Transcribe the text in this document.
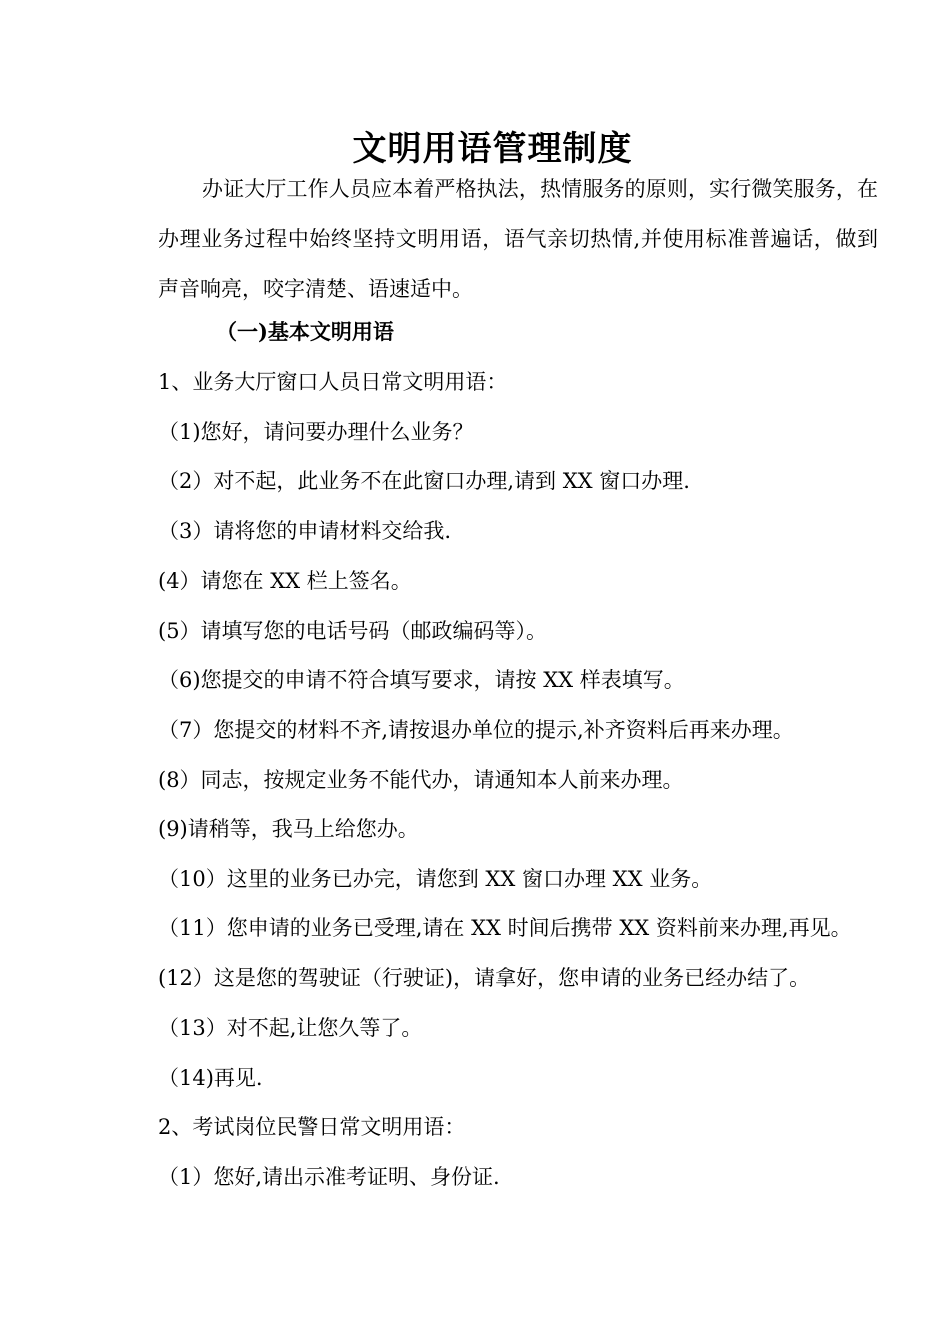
文明用语管理制度

办证大厅工作人员应本着严格执法，热情服务的原则，实行微笑服务，在办理业务过程中始终坚持文明用语，语气亲切热情,并使用标准普遍话，做到声音响亮，咬字清楚、语速适中。

（一)基本文明用语

1、业务大厅窗口人员日常文明用语：

（1)您好，请问要办理什么业务？

（2）对不起，此业务不在此窗口办理,请到 XX 窗口办理.

（3）请将您的申请材料交给我.

(4）请您在 XX 栏上签名。

(5）请填写您的电话号码（邮政编码等）。

（6)您提交的申请不符合填写要求，请按 XX 样表填写。

（7）您提交的材料不齐,请按退办单位的提示,补齐资料后再来办理。

(8）同志，按规定业务不能代办，请通知本人前来办理。

(9)请稍等，我马上给您办。

（10）这里的业务已办完，请您到 XX 窗口办理 XX 业务。

（11）您申请的业务已受理,请在 XX 时间后携带 XX 资料前来办理,再见。

(12）这是您的驾驶证（行驶证)，请拿好，您申请的业务已经办结了。

（13）对不起,让您久等了。

（14)再见.

2、考试岗位民警日常文明用语：

（1）您好,请出示准考证明、身份证.
